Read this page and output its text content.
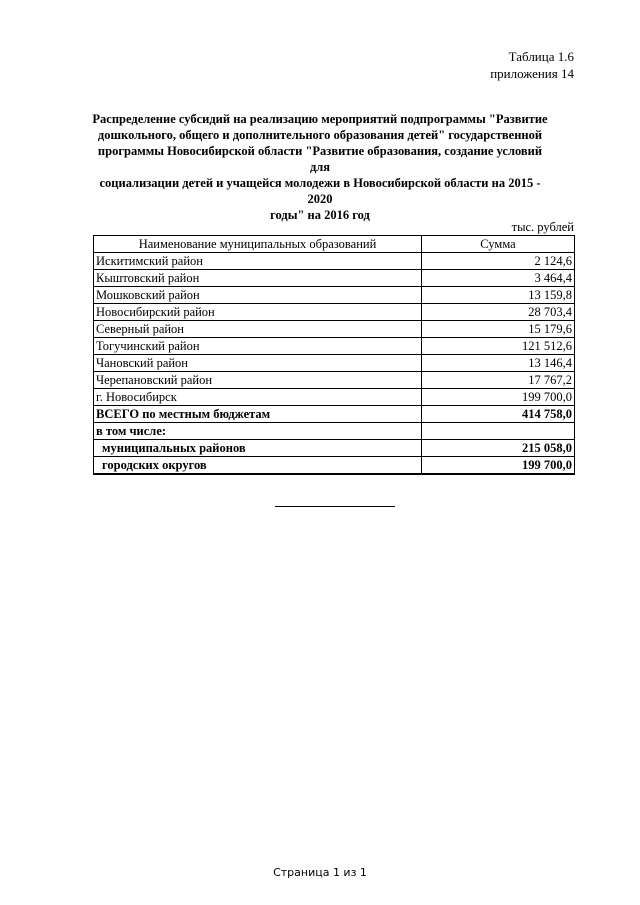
Таблица 1.6
приложения 14
Распределение субсидий на реализацию мероприятий подпрограммы "Развитие
дошкольного, общего и дополнительного образования детей" государственной
программы Новосибирской области "Развитие образования, создание условий для
социализации детей и учащейся молодежи в Новосибирской области на 2015 - 2020
годы" на 2016 год
тыс. рублей
Наименование муниципальных образований	Сумма
Искитимский район	2 124,6
Кыштовский район	3 464,4
Мошковский район	13 159,8
Новосибирский район	28 703,4
Северный район	15 179,6
Тогучинский район	121 512,6
Чановский район	13 146,4
Черепановский район	17 767,2
г. Новосибирск	199 700,0
ВСЕГО по местным бюджетам	414 758,0
в том числе:	
муниципальных районов	215 058,0
городских округов	199 700,0
Страница 1 из 1
